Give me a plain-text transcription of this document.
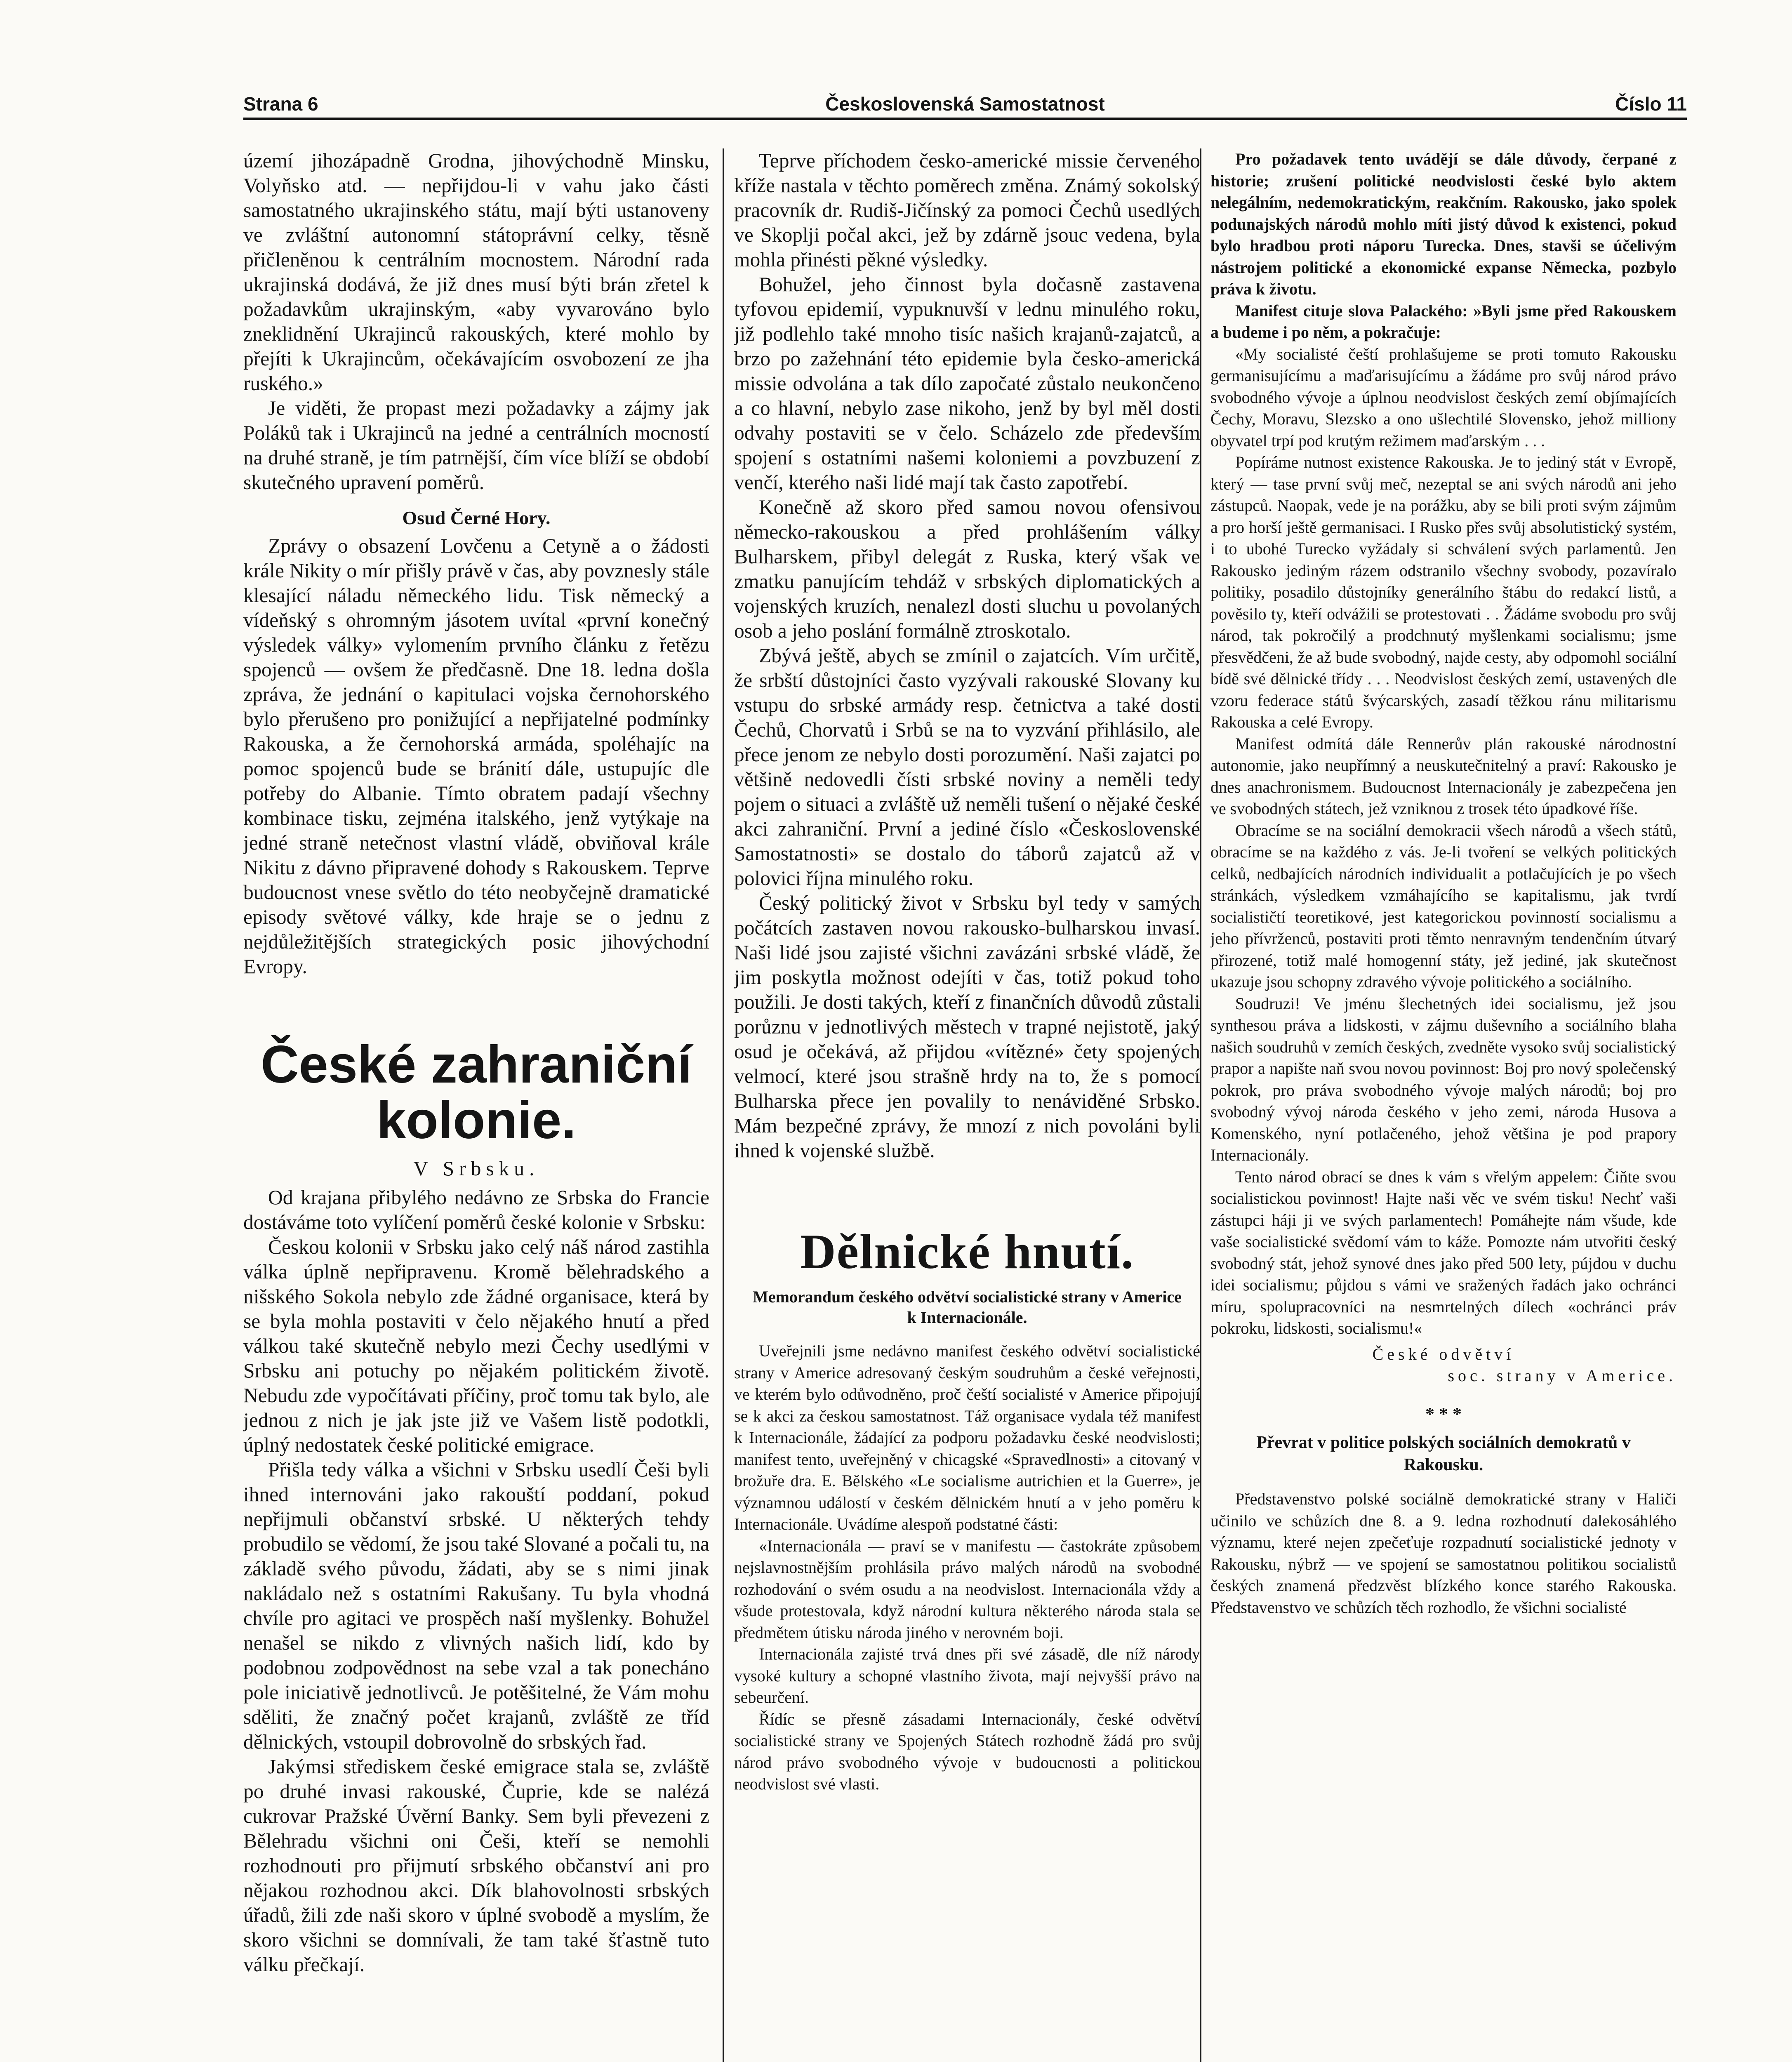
Strana 6	Československá Samostatnost	Číslo 11

území jihozápadně Grodna, jihovýchodně Minsku, Volyňsko atd. — nepřijdou-li v vahu jako části samostatného ukrajinského státu, mají býti ustanoveny ve zvláštní autonomní státoprávní celky, těsně přičleněnou k centrálním mocnostem. Národní rada ukrajinská dodává, že již dnes musí býti brán zřetel k požadavkům ukrajinským, «aby vyvarováno bylo zneklidnění Ukrajinců rakouských, které mohlo by přejíti k Ukrajincům, očekávajícím osvobození ze jha ruského.»

Je viděti, že propast mezi požadavky a zájmy jak Poláků tak i Ukrajinců na jedné a centrálních mocností na druhé straně, je tím patrnější, čím více blíží se období skutečného upravení poměrů.

Osud Černé Hory.

Zprávy o obsazení Lovčenu a Cetyně a o žádosti krále Nikity o mír přišly právě v čas, aby povznesly stále klesající náladu německého lidu. Tisk německý a vídeňský s ohromným jásotem uvítal «první konečný výsledek války» vylomením prvního článku z řetězu spojenců — ovšem že předčasně. Dne 18. ledna došla zpráva, že jednání o kapitulaci vojska černohorského bylo přerušeno pro ponižující a nepřijatelné podmínky Rakouska, a že černohorská armáda, spoléhajíc na pomoc spojenců bude se bránití dále, ustupujíc dle potřeby do Albanie. Tímto obratem padají všechny kombinace tisku, zejména italského, jenž vytýkaje na jedné straně netečnost vlastní vládě, obviňoval krále Nikitu z dávno připravené dohody s Rakouskem. Teprve budoucnost vnese světlo do této neobyčejně dramatické episody světové války, kde hraje se o jednu z nejdůležitějších strategických posic jihovýchodní Evropy.

České zahraniční kolonie.

V Srbsku.

Od krajana přibylého nedávno ze Srbska do Francie dostáváme toto vylíčení poměrů české kolonie v Srbsku:

Českou kolonii v Srbsku jako celý náš národ zastihla válka úplně nepřipravenu. Kromě bělehradského a nišského Sokola nebylo zde žádné organisace, která by se byla mohla postaviti v čelo nějakého hnutí a před válkou také skutečně nebylo mezi Čechy usedlými v Srbsku ani potuchy po nějakém politickém životě. Nebudu zde vypočítávati příčiny, proč tomu tak bylo, ale jednou z nich je jak jste již ve Vašem listě podotkli, úplný nedostatek české politické emigrace.

Přišla tedy válka a všichni v Srbsku usedlí Češi byli ihned internováni jako rakouští poddaní, pokud nepřijmuli občanství srbské. U některých tehdy probudilo se vědomí, že jsou také Slované a počali tu, na základě svého původu, žádati, aby se s nimi jinak nakládalo než s ostatními Rakušany. Tu byla vhodná chvíle pro agitaci ve prospěch naší myšlenky. Bohužel nenašel se nikdo z vlivných našich lidí, kdo by podobnou zodpovědnost na sebe vzal a tak ponecháno pole iniciativě jednotlivců. Je potěšitelné, že Vám mohu sděliti, že značný počet krajanů, zvláště ze tříd dělnických, vstoupil dobrovolně do srbských řad.

Jakýmsi střediskem české emigrace stala se, zvláště po druhé invasi rakouské, Čuprie, kde se nalézá cukrovar Pražské Úvěrní Banky. Sem byli převezeni z Bělehradu všichni oni Češi, kteří se nemohli rozhodnouti pro přijmutí srbského občanství ani pro nějakou rozhodnou akci. Dík blahovolnosti srbských úřadů, žili zde naši skoro v úplné svobodě a myslím, že skoro všichni se domnívali, že tam také šťastně tuto válku přečkají.

Teprve příchodem česko-americké missie červeného kříže nastala v těchto poměrech změna. Známý sokolský pracovník dr. Rudiš-Jičínský za pomoci Čechů usedlých ve Skoplji počal akci, jež by zdárně jsouc vedena, byla mohla přinésti pěkné výsledky.

Bohužel, jeho činnost byla dočasně zastavena tyfovou epidemií, vypuknuvší v lednu minulého roku, již podlehlo také mnoho tisíc našich krajanů-zajatců, a brzo po zažehnání této epidemie byla česko-americká missie odvolána a tak dílo započaté zůstalo neukončeno a co hlavní, nebylo zase nikoho, jenž by byl měl dosti odvahy postaviti se v čelo. Scházelo zde především spojení s ostatními našemi koloniemi a povzbuzení z venčí, kterého naši lidé mají tak často zapotřebí.

Konečně až skoro před samou novou ofensivou německo-rakouskou a před prohlášením války Bulharskem, přibyl delegát z Ruska, který však ve zmatku panujícím tehdáž v srbských diplomatických a vojenských kruzích, nenalezl dosti sluchu u povolaných osob a jeho poslání formálně ztroskotalo.

Zbývá ještě, abych se zmínil o zajatcích. Vím určitě, že srbští důstojníci často vyzývali rakouské Slovany ku vstupu do srbské armády resp. četnictva a také dosti Čechů, Chorvatů i Srbů se na to vyzvání přihlásilo, ale přece jenom ze nebylo dosti porozumění. Naši zajatci po většině nedovedli čísti srbské noviny a neměli tedy pojem o situaci a zvláště už neměli tušení o nějaké české akci zahraniční. První a jediné číslo «Československé Samostatnosti» se dostalo do táborů zajatců až v polovici října minulého roku.

Český politický život v Srbsku byl tedy v samých počátcích zastaven novou rakousko-bulharskou invasí. Naši lidé jsou zajisté všichni zavázáni srbské vládě, že jim poskytla možnost odejíti v čas, totiž pokud toho použili. Je dosti takých, kteří z finančních důvodů zůstali porůznu v jednotlivých městech v trapné nejistotě, jaký osud je očekává, až přijdou «vítězné» čety spojených velmocí, které jsou strašně hrdy na to, že s pomocí Bulharska přece jen povalily to nenáviděné Srbsko. Mám bezpečné zprávy, že mnozí z nich povoláni byli ihned k vojenské službě.

Dělnické hnutí.

Memorandum českého odvětví socialistické strany v Americe k Internacionále.

Uveřejnili jsme nedávno manifest českého odvětví socialistické strany v Americe adresovaný českým soudruhům a české veřejnosti, ve kterém bylo odůvodněno, proč čeští socialisté v Americe připojují se k akci za českou samostatnost. Táž organisace vydala též manifest k Internacionále, žádající za podporu požadavku české neodvislosti; manifest tento, uveřejněný v chicagské «Spravedlnosti» a citovaný v brožuře dra. E. Bělského «Le socialisme autrichien et la Guerre», je významnou událostí v českém dělnickém hnutí a v jeho poměru k Internacionále. Uvádíme alespoň podstatné části:

«Internacionála — praví se v manifestu — častokráte způsobem nejslavnostnějším prohlásila právo malých národů na svobodné rozhodování o svém osudu a na neodvislost. Internacionála vždy a všude protestovala, když národní kultura některého národa stala se předmětem útisku národa jiného v nerovném boji.

Internacionála zajisté trvá dnes při své zásadě, dle níž národy vysoké kultury a schopné vlastního života, mají nejvyšší právo na sebeurčení.

Řídíc se přesně zásadami Internacionály, české odvětví socialistické strany ve Spojených Státech rozhodně žádá pro svůj národ právo svobodného vývoje v budoucnosti a politickou neodvislost své vlasti.

Pro požadavek tento uvádějí se dále důvody, čerpané z historie; zrušení politické neodvislosti české bylo aktem nelegálním, nedemokratickým, reakčním. Rakousko, jako spolek podunajských národů mohlo míti jistý důvod k existenci, pokud bylo hradbou proti náporu Turecka. Dnes, stavši se účelivým nástrojem politické a ekonomické expanse Německa, pozbylo práva k životu.

Manifest cituje slova Palackého: »Byli jsme před Rakouskem a budeme i po něm, a pokračuje:

«My socialisté čeští prohlašujeme se proti tomuto Rakousku germanisujícímu a maďarisujícímu a žádáme pro svůj národ právo svobodného vývoje a úplnou neodvislost českých zemí objímajících Čechy, Moravu, Slezsko a ono ušlechtilé Slovensko, jehož milliony obyvatel trpí pod krutým režimem maďarským . . .

Popíráme nutnost existence Rakouska. Je to jediný stát v Evropě, který — tase první svůj meč, nezeptal se ani svých národů ani jeho zástupců. Naopak, vede je na porážku, aby se bili proti svým zájmům a pro horší ještě germanisaci. I Rusko přes svůj absolutistický systém, i to ubohé Turecko vyžádaly si schválení svých parlamentů. Jen Rakousko jediným rázem odstranilo všechny svobody, pozavíralo politiky, posadilo důstojníky generálního štábu do redakcí listů, a pověsilo ty, kteří odvážili se protestovati . . Žádáme svobodu pro svůj národ, tak pokročilý a prodchnutý myšlenkami socialismu; jsme přesvědčeni, že až bude svobodný, najde cesty, aby odpomohl sociální bídě své dělnické třídy . . . Neodvislost českých zemí, ustavených dle vzoru federace států švýcarských, zasadí těžkou ránu militarismu Rakouska a celé Evropy.

Manifest odmítá dále Rennerův plán rakouské národnostní autonomie, jako neupřímný a neuskutečnitelný a praví: Rakousko je dnes anachronismem. Budoucnost Internacionály je zabezpečena jen ve svobodných státech, jež vzniknou z trosek této úpadkové říše.

Obracíme se na sociální demokracii všech národů a všech států, obracíme se na každého z vás. Je-li tvoření se velkých politických celků, nedbajících národních individualit a potlačujících je po všech stránkách, výsledkem vzmáhajícího se kapitalismu, jak tvrdí socialističtí teoretikové, jest kategorickou povinností socialismu a jeho přívrženců, postaviti proti těmto nenravným tendenčním útvarý přirozené, totiž malé homogenní státy, jež jediné, jak skutečnost ukazuje jsou schopny zdravého vývoje politického a sociálního.

Soudruzi! Ve jménu šlechetných idei socialismu, jež jsou synthesou práva a lidskosti, v zájmu duševního a sociálního blaha našich soudruhů v zemích českých, zvedněte vysoko svůj socialistický prapor a napište naň svou novou povinnost: Boj pro nový společenský pokrok, pro práva svobodného vývoje malých národů; boj pro svobodný vývoj národa českého v jeho zemi, národa Husova a Komenského, nyní potlačeného, jehož většina je pod prapory Internacionály.

Tento národ obrací se dnes k vám s vřelým appelem: Čiňte svou socialistickou povinnost! Hajte naši věc ve svém tisku! Nechť vaši zástupci háji ji ve svých parlamentech! Pomáhejte nám všude, kde vaše socialistické svědomí vám to káže. Pomozte nám utvořiti český svobodný stát, jehož synové dnes jako před 500 lety, pújdou v duchu idei socialismu; půjdou s vámi ve sražených řadách jako ochránci míru, spolupracovníci na nesmrtelných dílech «ochránci práv pokroku, lidskosti, socialismu!«

České odvětví

soc. strany v Americe.

* * *

Převrat v politice polských sociálních demokratů v Rakousku.

Představenstvo polské sociálně demokratické strany v Haliči učinilo ve schůzích dne 8. a 9. ledna rozhodnutí dalekosáhlého významu, které nejen zpečeťuje rozpadnutí socialistické jednoty v Rakousku, nýbrž — ve spojení se samostatnou politikou socialistů českých znamená předzvěst blízkého konce starého Rakouska. Představenstvo ve schůzích těch rozhodlo, že všichni socialisté
